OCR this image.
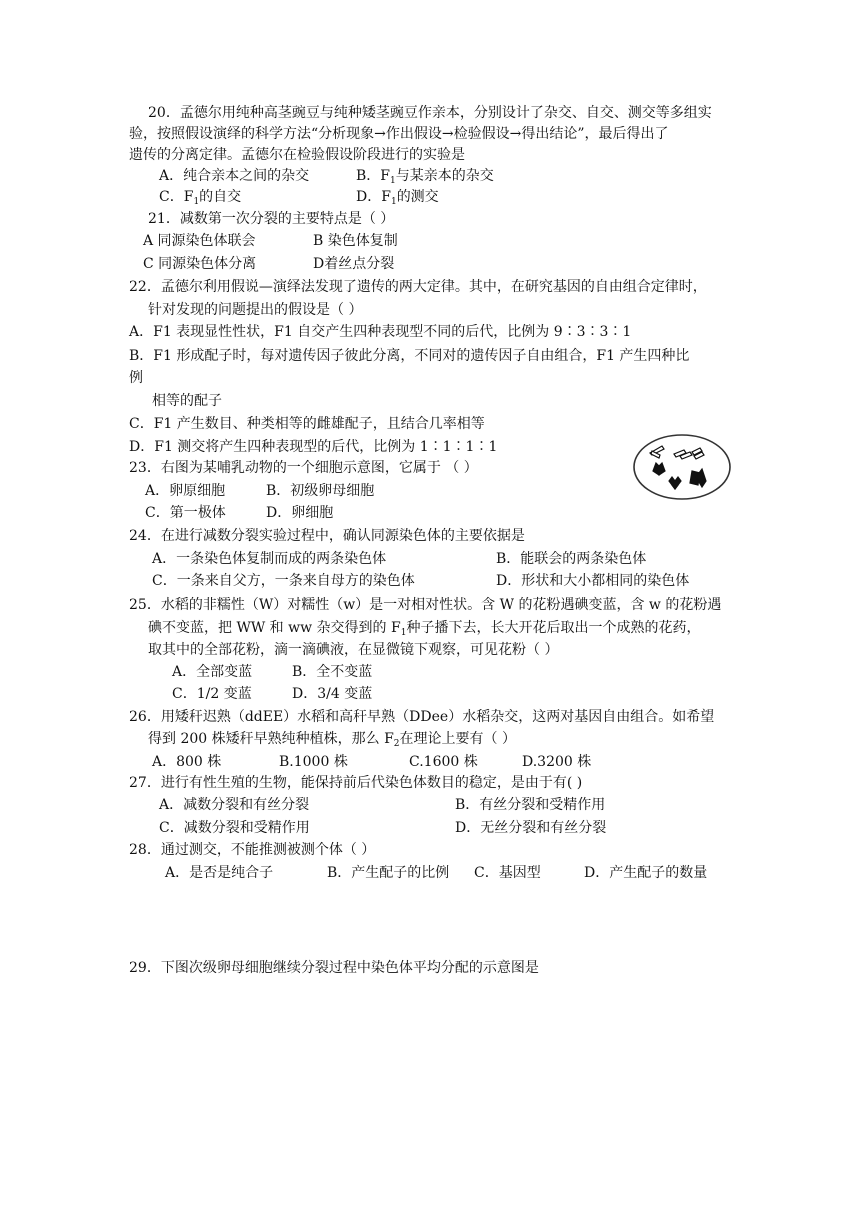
20．孟德尔用纯种高茎豌豆与纯种矮茎豌豆作亲本，分别设计了杂交、自交、测交等多组实
验，按照假设演绎的科学方法“分析现象→作出假设→检验假设→得出结论”，最后得出了
遗传的分离定律。孟德尔在检验假设阶段进行的实验是
A．纯合亲本之间的杂交	B．$F_1$与某亲本的杂交
C．$F_1$的自交	D．$F_1$的测交
21．减数第一次分裂的主要特点是（ ）
A 同源染色体联会	B 染色体复制
C 同源染色体分离	D着丝点分裂
22．孟德尔利用假说—演绎法发现了遗传的两大定律。其中，在研究基因的自由组合定律时，
针对发现的问题提出的假设是（ ）
A．F1 表现显性性状，F1 自交产生四种表现型不同的后代，比例为 9∶3∶3∶1
B．F1 形成配子时，每对遗传因子彼此分离，不同对的遗传因子自由组合，F1 产生四种比
例
相等的配子
C．F1 产生数目、种类相等的雌雄配子，且结合几率相等
D．F1 测交将产生四种表现型的后代，比例为 1∶1∶1∶1
23．右图为某哺乳动物的一个细胞示意图，它属于 （ ）
A．卵原细胞	B．初级卵母细胞
C．第一极体	D．卵细胞
24．在进行减数分裂实验过程中，确认同源染色体的主要依据是
A．一条染色体复制而成的两条染色体	B．能联会的两条染色体
C．一条来自父方，一条来自母方的染色体	D．形状和大小都相同的染色体
25．水稻的非糯性（W）对糯性（w）是一对相对性状。含 W 的花粉遇碘变蓝，含 w 的花粉遇
碘不变蓝，把 WW 和 ww 杂交得到的 $F_1$种子播下去，长大开花后取出一个成熟的花药，
取其中的全部花粉，滴一滴碘液，在显微镜下观察，可见花粉（ ）
A．全部变蓝	B．全不变蓝
C．1/2 变蓝	D．3/4 变蓝
26．用矮秆迟熟（ddEE）水稻和高秆早熟（DDee）水稻杂交，这两对基因自由组合。如希望
得到 200 株矮秆早熟纯种植株，那么 $F_2$在理论上要有（ ）
A．800 株	B.1000 株	C.1600 株	D.3200 株
27．进行有性生殖的生物，能保持前后代染色体数目的稳定，是由于有( )
A．减数分裂和有丝分裂	B．有丝分裂和受精作用
C．减数分裂和受精作用	D．无丝分裂和有丝分裂
28．通过测交，不能推测被测个体（ ）
A．是否是纯合子	B．产生配子的比例 C．基因型	D．产生配子的数量
29．下图次级卵母细胞继续分裂过程中染色体平均分配的示意图是
